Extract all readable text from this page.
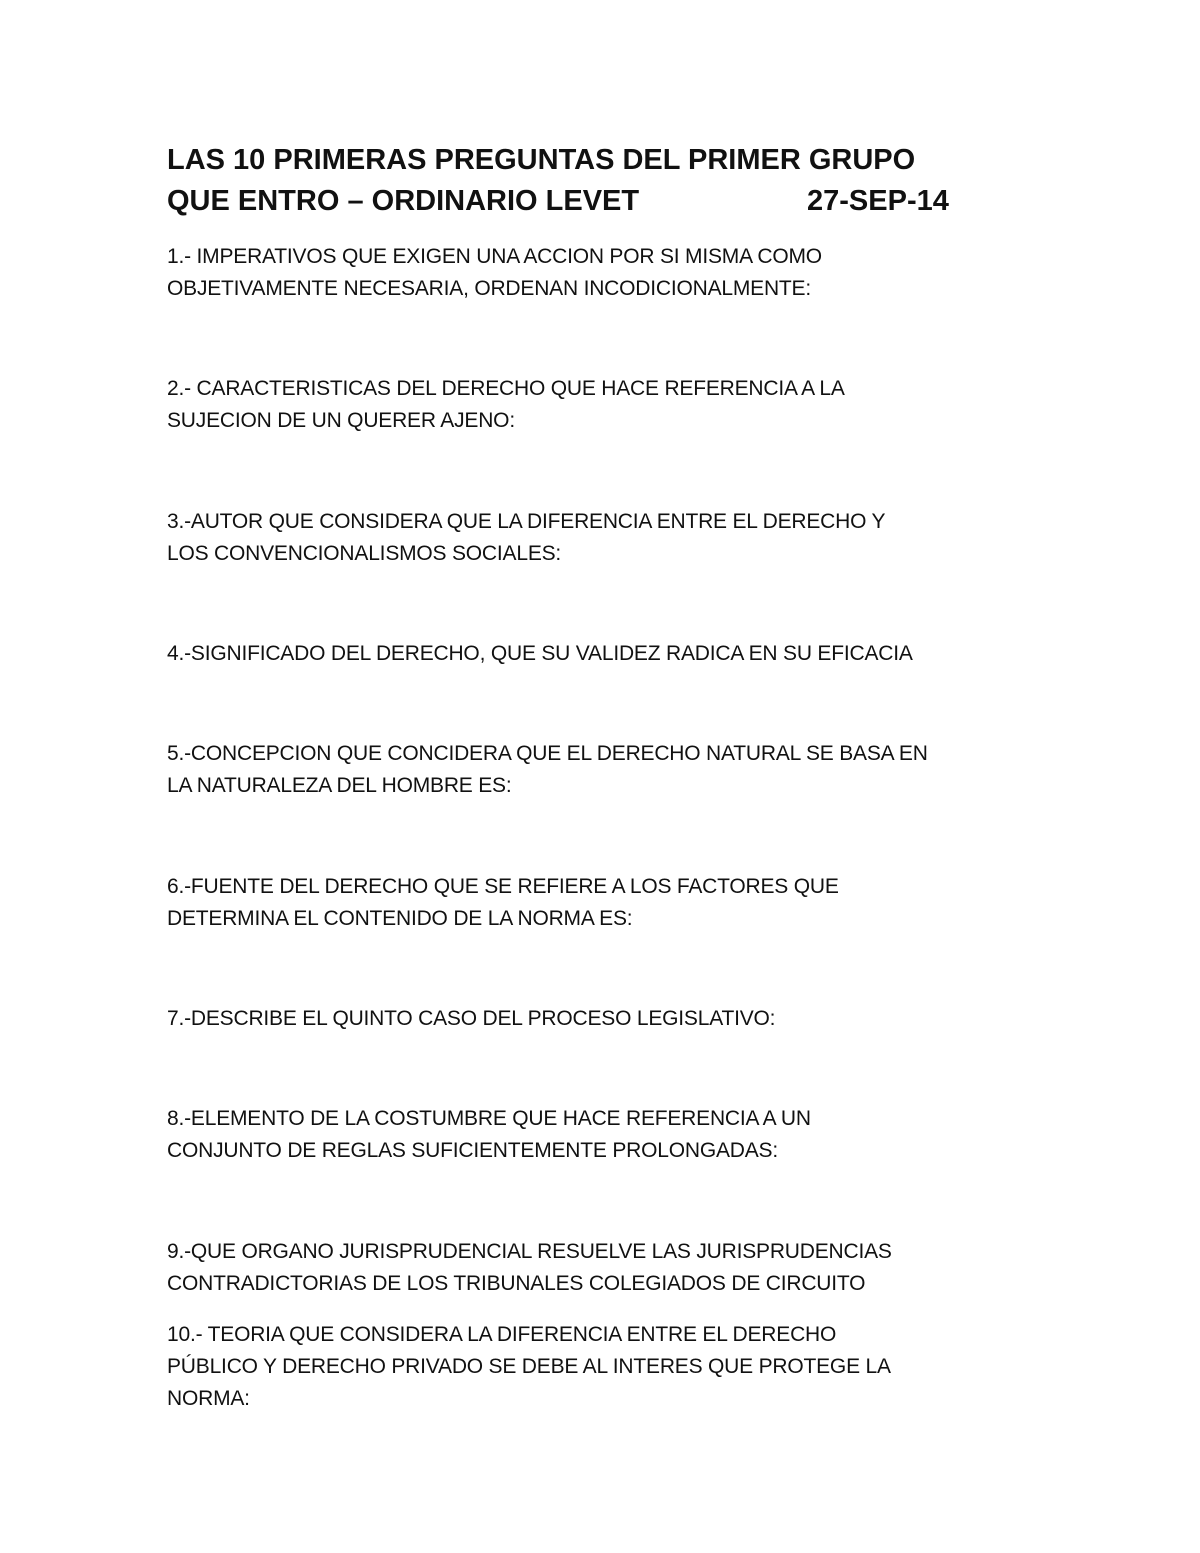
LAS 10 PRIMERAS PREGUNTAS DEL PRIMER GRUPO
QUE ENTRO – ORDINARIO LEVET	27-SEP-14
1.- IMPERATIVOS QUE EXIGEN UNA ACCION POR SI MISMA COMO
OBJETIVAMENTE NECESARIA, ORDENAN INCODICIONALMENTE:
2.- CARACTERISTICAS DEL DERECHO QUE HACE REFERENCIA A LA
SUJECION DE UN QUERER AJENO:
3.-AUTOR QUE CONSIDERA QUE LA DIFERENCIA ENTRE EL DERECHO Y
LOS CONVENCIONALISMOS SOCIALES:
4.-SIGNIFICADO DEL DERECHO, QUE SU VALIDEZ RADICA EN SU EFICACIA
5.-CONCEPCION QUE CONCIDERA QUE EL DERECHO NATURAL SE BASA EN
LA NATURALEZA DEL HOMBRE ES:
6.-FUENTE DEL DERECHO QUE SE REFIERE A LOS FACTORES QUE
DETERMINA EL CONTENIDO DE LA NORMA ES:
7.-DESCRIBE EL QUINTO CASO DEL PROCESO LEGISLATIVO:
8.-ELEMENTO DE LA COSTUMBRE QUE HACE REFERENCIA A UN
CONJUNTO DE REGLAS SUFICIENTEMENTE PROLONGADAS:
9.-QUE ORGANO JURISPRUDENCIAL RESUELVE LAS JURISPRUDENCIAS
CONTRADICTORIAS DE LOS TRIBUNALES COLEGIADOS DE CIRCUITO
10.- TEORIA QUE CONSIDERA LA DIFERENCIA ENTRE EL DERECHO
PÚBLICO Y DERECHO PRIVADO SE DEBE AL INTERES QUE PROTEGE LA
NORMA:
